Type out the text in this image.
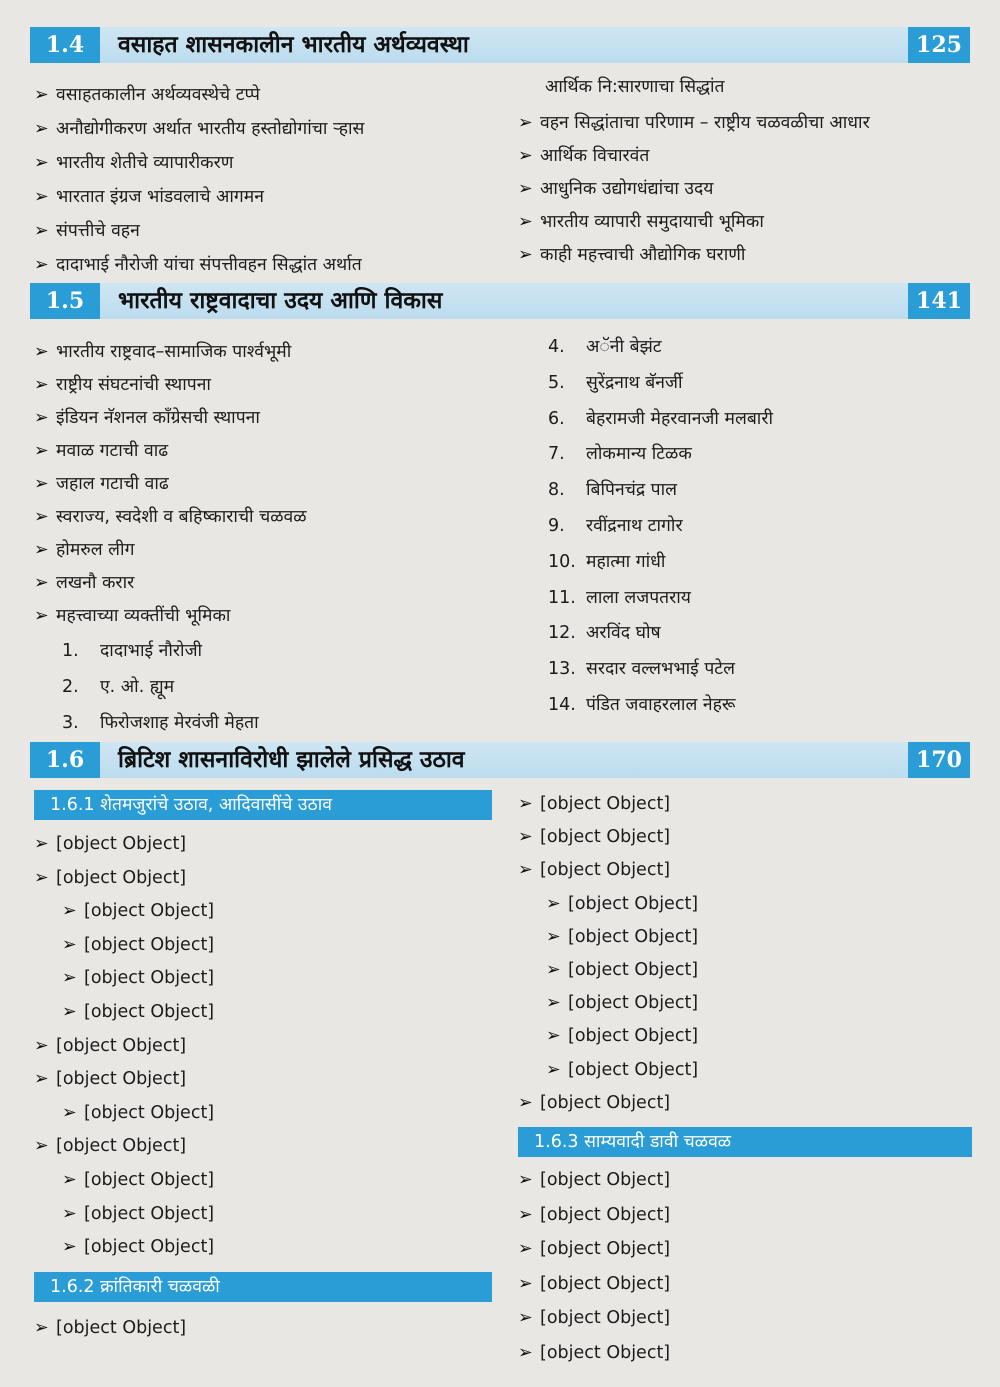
1.4	वसाहत शासनकालीन भारतीय अर्थव्यवस्था	125
➢ वसाहतकालीन अर्थव्यवस्थेचे टप्पे
➢ अनौद्योगीकरण अर्थात भारतीय हस्तोद्योगांचा ऱ्हास
➢ भारतीय शेतीचे व्यापारीकरण
➢ भारतात इंग्रज भांडवलाचे आगमन
➢ संपत्तीचे वहन
➢ दादाभाई नौरोजी यांचा संपत्तीवहन सिद्धांत अर्थात
आर्थिक नि:सारणाचा सिद्धांत
➢ वहन सिद्धांताचा परिणाम – राष्ट्रीय चळवळीचा आधार
➢ आर्थिक विचारवंत
➢ आधुनिक उद्योगधंद्यांचा उदय
➢ भारतीय व्यापारी समुदायाची भूमिका
➢ काही महत्त्वाची औद्योगिक घराणी
1.5	भारतीय राष्ट्रवादाचा उदय आणि विकास	141
➢ भारतीय राष्ट्रवाद–सामाजिक पार्श्वभूमी
➢ राष्ट्रीय संघटनांची स्थापना
➢ इंडियन नॅशनल काँग्रेसची स्थापना
➢ मवाळ गटाची वाढ
➢ जहाल गटाची वाढ
➢ स्वराज्य, स्वदेशी व बहिष्काराची चळवळ
➢ होमरुल लीग
➢ लखनौ करार
➢ महत्त्वाच्या व्यक्तींची भूमिका
1. दादाभाई नौरोजी
2. ए. ओ. ह्यूम
3. फिरोजशाह मेरवंजी मेहता
4. अॅनी बेझंट
5. सुरेंद्रनाथ बॅनर्जी
6. बेहरामजी मेहरवानजी मलबारी
7. लोकमान्य टिळक
8. बिपिनचंद्र पाल
9. रवींद्रनाथ टागोर
10. महात्मा गांधी
11. लाला लजपतराय
12. अरविंद घोष
13. सरदार वल्लभभाई पटेल
14. पंडित जवाहरलाल नेहरू
1.6	ब्रिटिश शासनाविरोधी झालेले प्रसिद्ध उठाव	170
1.6.1 शेतमजुरांचे उठाव, आदिवासींचे उठाव
➢ [object Object]
➢ [object Object]
➢ [object Object]
➢ [object Object]
➢ [object Object]
➢ [object Object]
➢ [object Object]
➢ [object Object]
➢ [object Object]
➢ [object Object]
➢ [object Object]
➢ [object Object]
➢ [object Object]
1.6.2 क्रांतिकारी चळवळी
➢ [object Object]
➢ [object Object]
➢ [object Object]
➢ [object Object]
➢ [object Object]
➢ [object Object]
➢ [object Object]
➢ [object Object]
➢ [object Object]
➢ [object Object]
➢ [object Object]
1.6.3 साम्यवादी डावी चळवळ
➢ [object Object]
➢ [object Object]
➢ [object Object]
➢ [object Object]
➢ [object Object]
➢ [object Object]
